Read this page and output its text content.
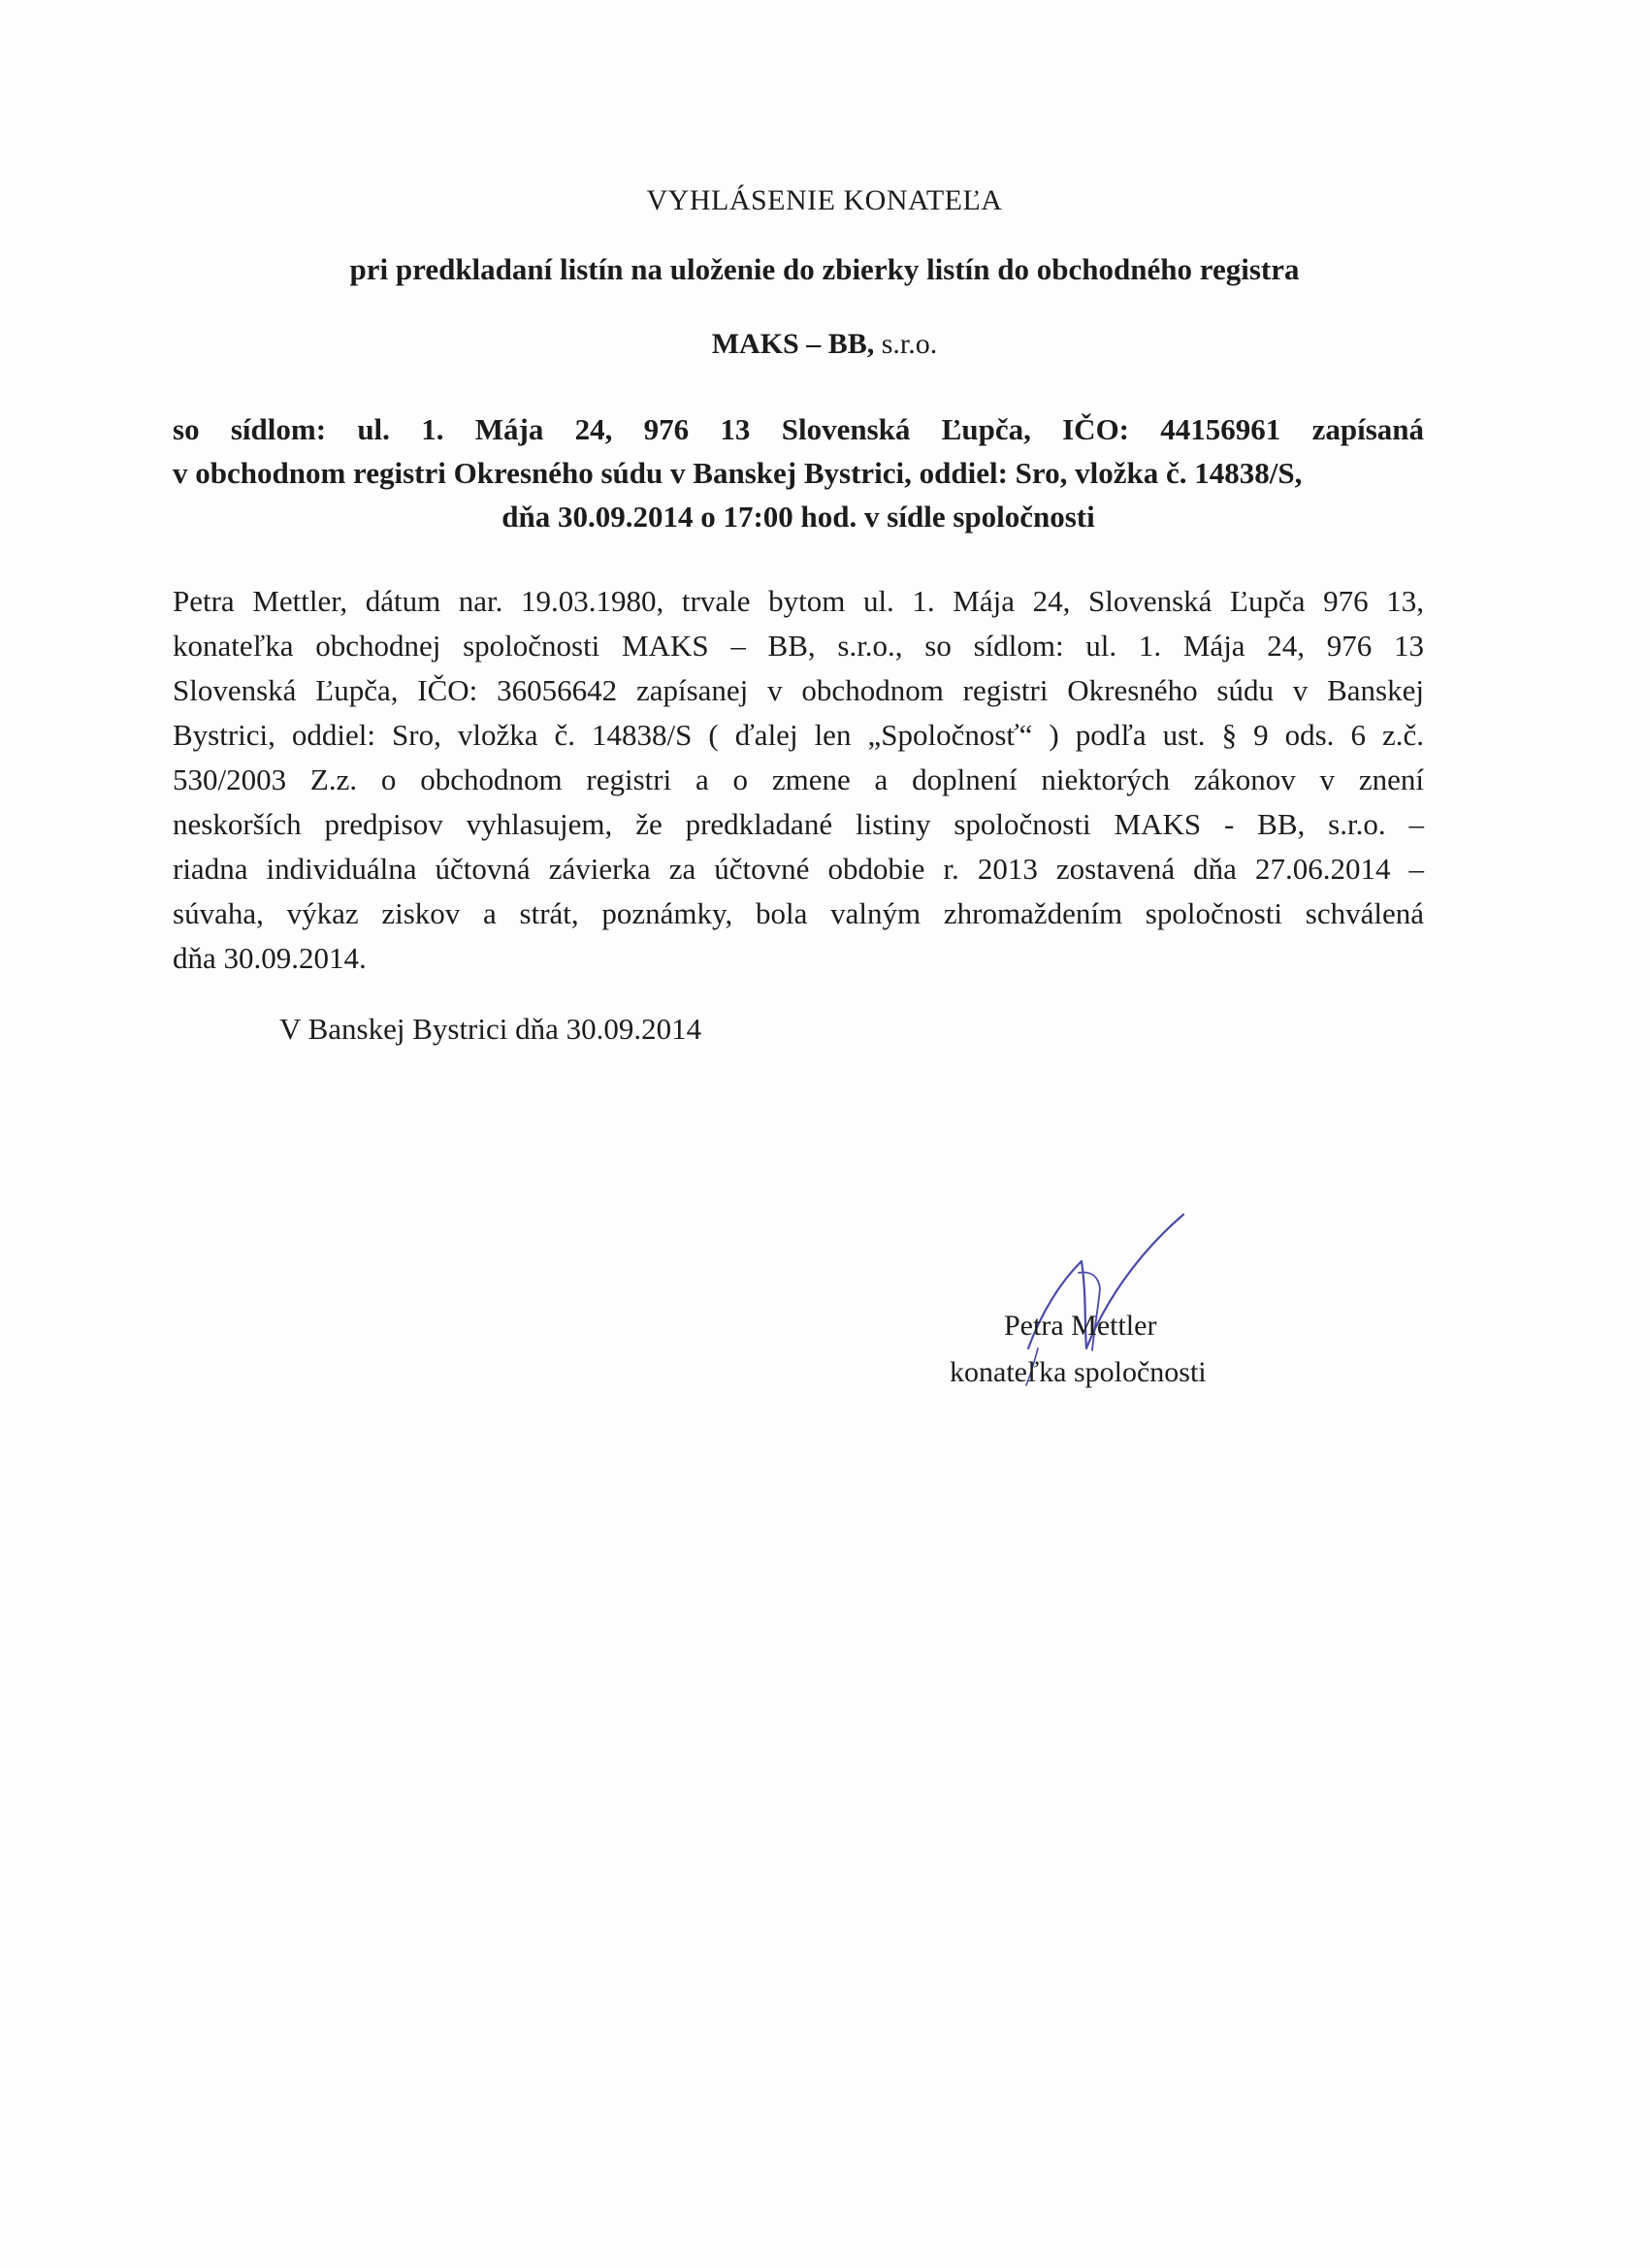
VYHLÁSENIE KONATEĽA
pri predkladaní listín na uloženie do zbierky listín do obchodného registra
MAKS – BB, s.r.o.
so sídlom: ul. 1. Mája 24, 976 13 Slovenská Ľupča, IČO: 44156961 zapísaná
v obchodnom registri Okresného súdu v Banskej Bystrici, oddiel: Sro, vložka č. 14838/S,
dňa 30.09.2014 o 17:00 hod. v sídle spoločnosti
Petra Mettler, dátum nar. 19.03.1980, trvale bytom ul. 1. Mája 24, Slovenská Ľupča 976 13,
konateľka obchodnej spoločnosti MAKS – BB, s.r.o., so sídlom: ul. 1. Mája 24, 976 13
Slovenská Ľupča, IČO: 36056642 zapísanej v obchodnom registri Okresného súdu v Banskej
Bystrici, oddiel: Sro, vložka č. 14838/S ( ďalej len „Spoločnosť“ ) podľa ust. § 9 ods. 6 z.č.
530/2003 Z.z. o obchodnom registri a o zmene a doplnení niektorých zákonov v znení
neskorších predpisov vyhlasujem, že predkladané listiny spoločnosti MAKS - BB, s.r.o. –
riadna individuálna účtovná závierka za účtovné obdobie r. 2013 zostavená dňa 27.06.2014 –
súvaha, výkaz ziskov a strát, poznámky, bola valným zhromaždením spoločnosti schválená
dňa 30.09.2014.
V Banskej Bystrici dňa 30.09.2014
Petra Mettler
konateľka spoločnosti
